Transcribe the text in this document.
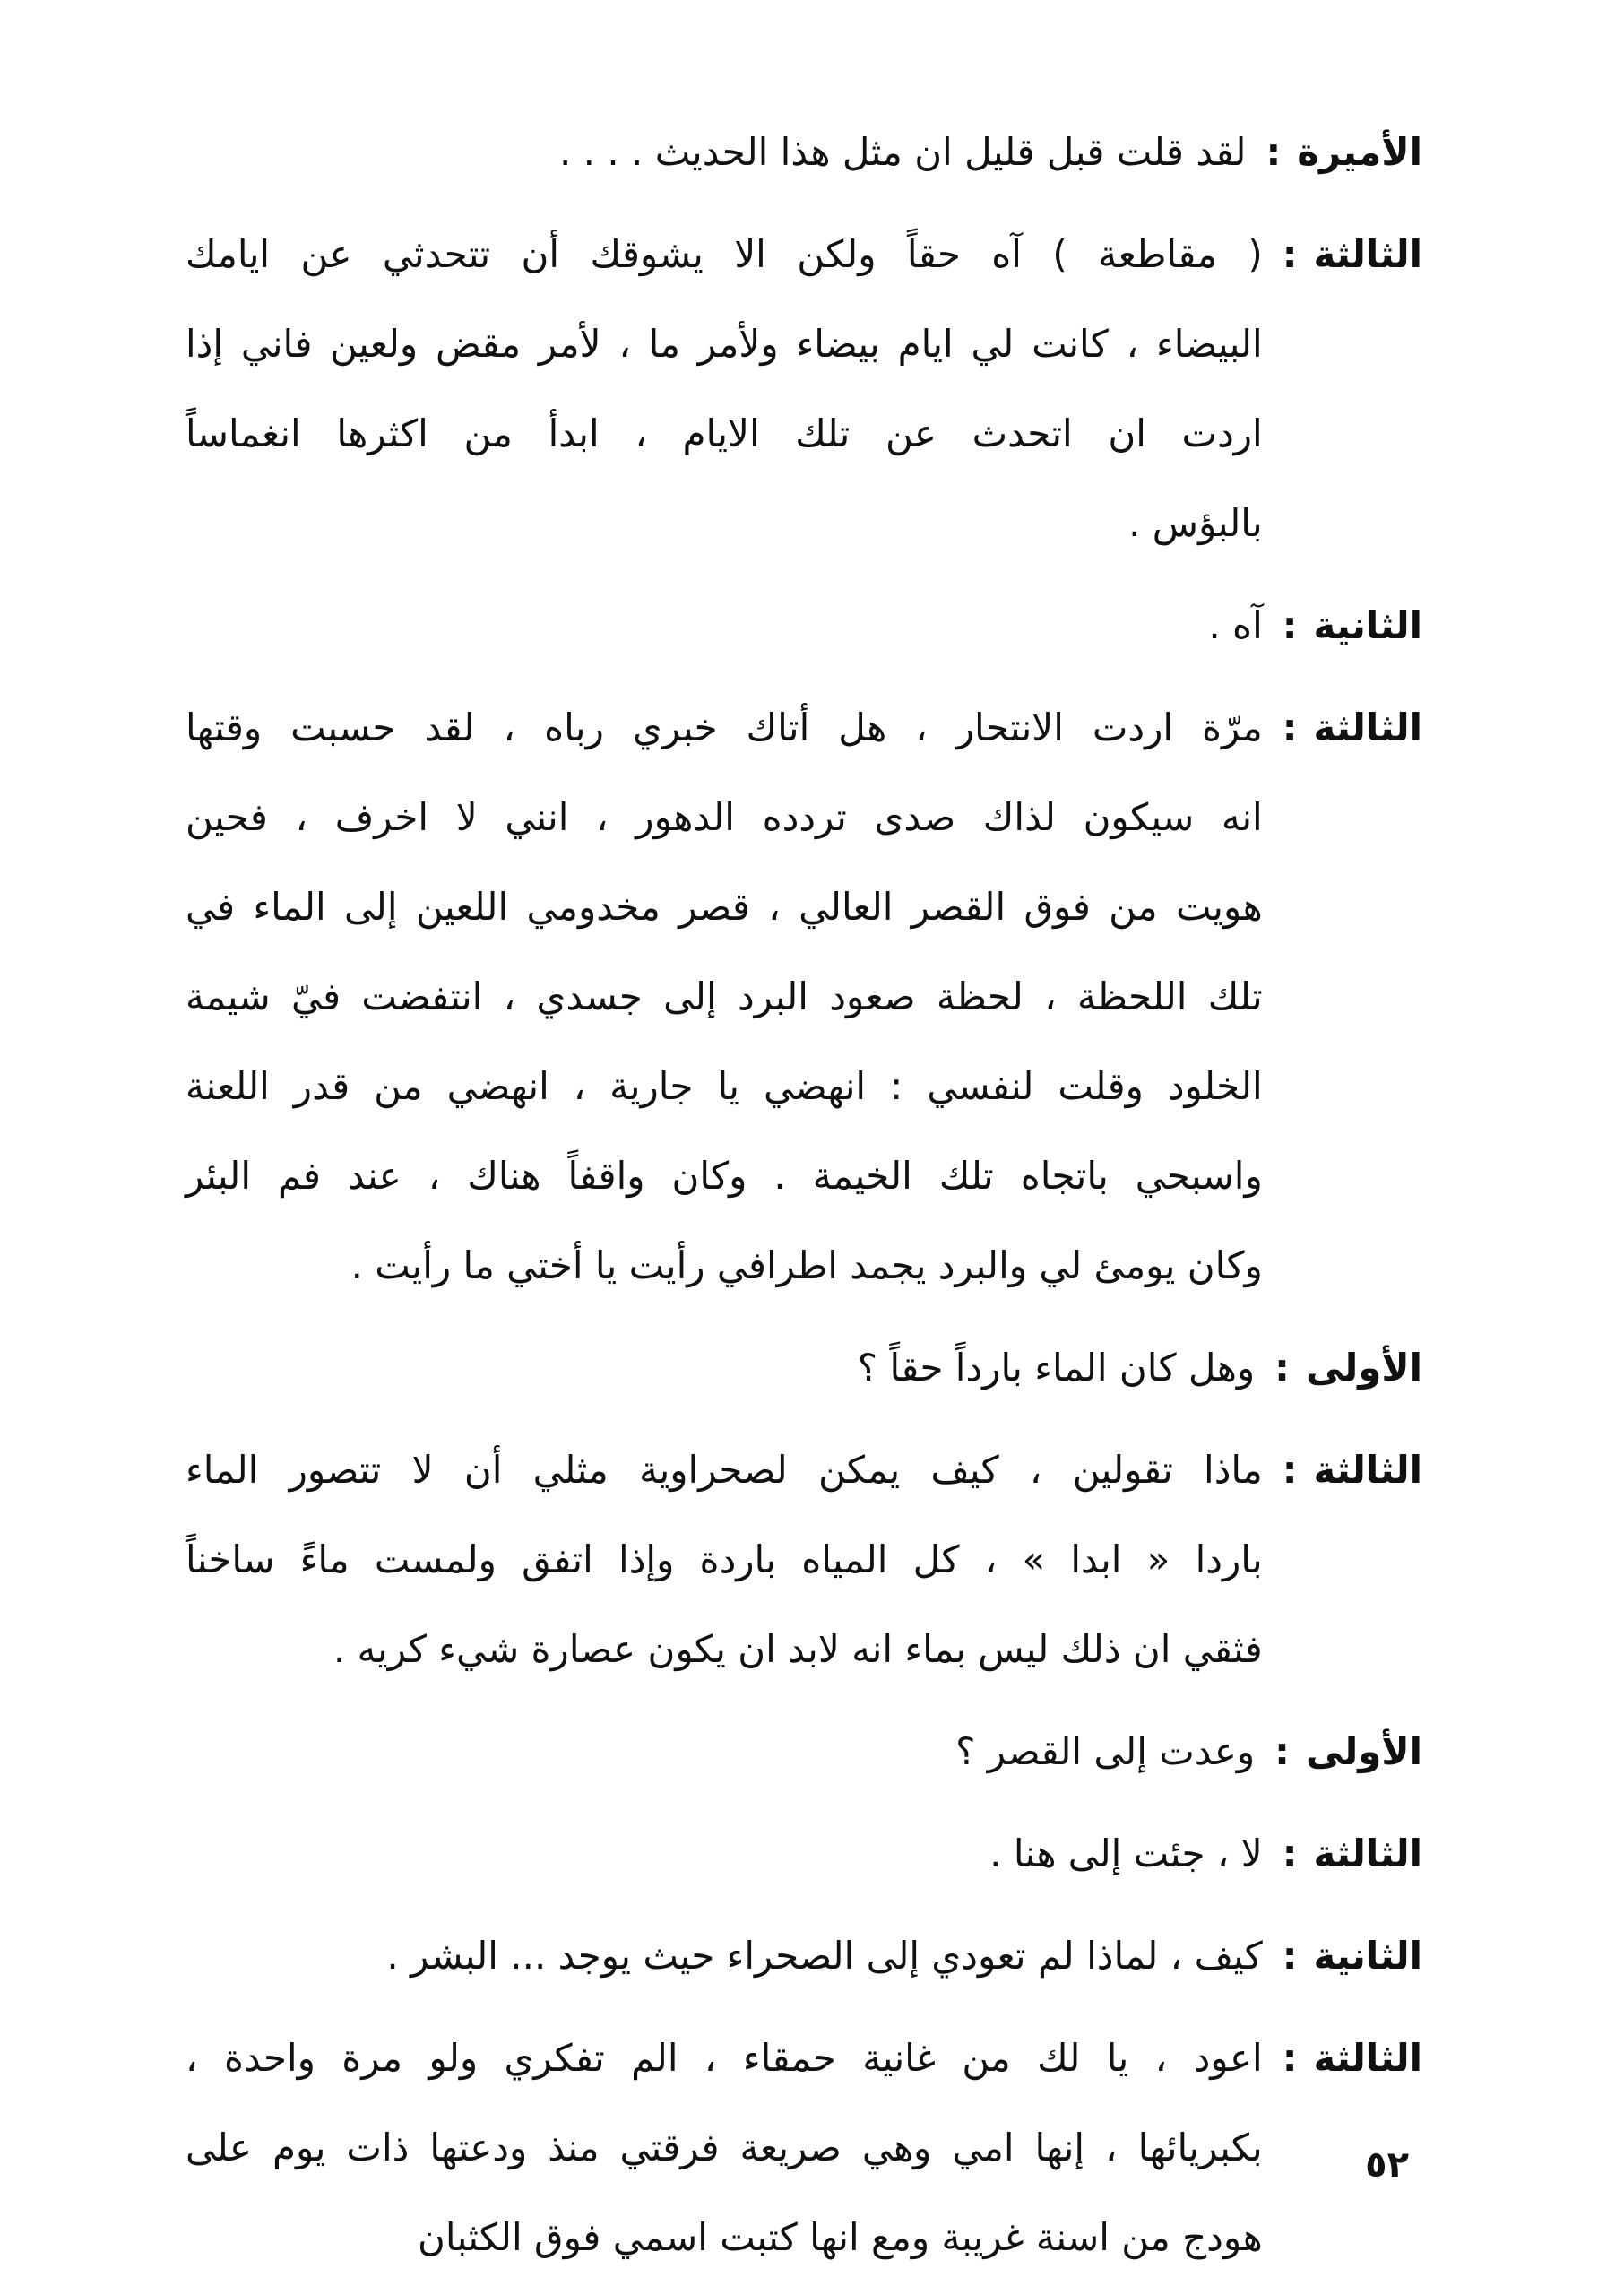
الأميرة
:
لقد قلت قبل قليل ان مثل هذا الحديث . . . .
الثالثة
:
( مقاطعة ) آه حقاً ولكن الا يشوقك أن تتحدثي عن ايامك
البيضاء ، كانت لي ايام بيضاء ولأمر ما ، لأمر مقض ولعين فاني إذا
اردت ان اتحدث عن تلك الايام ، ابدأ من اكثرها انغماساً
بالبؤس .
الثانية
:
آه .
الثالثة
:
مرّة اردت الانتحار ، هل أتاك خبري رباه ، لقد حسبت وقتها
انه سيكون لذاك صدى تردده الدهور ، انني لا اخرف ، فحين
هويت من فوق القصر العالي ، قصر مخدومي اللعين إلى الماء في
تلك اللحظة ، لحظة صعود البرد إلى جسدي ، انتفضت فيّ شيمة
الخلود وقلت لنفسي : انهضي يا جارية ، انهضي من قدر اللعنة
واسبحي باتجاه تلك الخيمة . وكان واقفاً هناك ، عند فم البئر
وكان يومئ لي والبرد يجمد اطرافي رأيت يا أختي ما رأيت .
الأولى
:
وهل كان الماء بارداً حقاً ؟
الثالثة
:
ماذا تقولين ، كيف يمكن لصحراوية مثلي أن لا تتصور الماء
باردا « ابدا » ، كل المياه باردة وإذا اتفق ولمست ماءً ساخناً
فثقي ان ذلك ليس بماء انه لابد ان يكون عصارة شيء كريه .
الأولى
:
وعدت إلى القصر ؟
الثالثة
:
لا ، جئت إلى هنا .
الثانية
:
كيف ، لماذا لم تعودي إلى الصحراء حيث يوجد ... البشر .
الثالثة
:
اعود ، يا لك من غانية حمقاء ، الم تفكري ولو مرة واحدة ،
بكبريائها ، إنها امي وهي صريعة فرقتي منذ ودعتها ذات يوم على
هودج من اسنة غريبة ومع انها كتبت اسمي فوق الكثبان
٥٢
